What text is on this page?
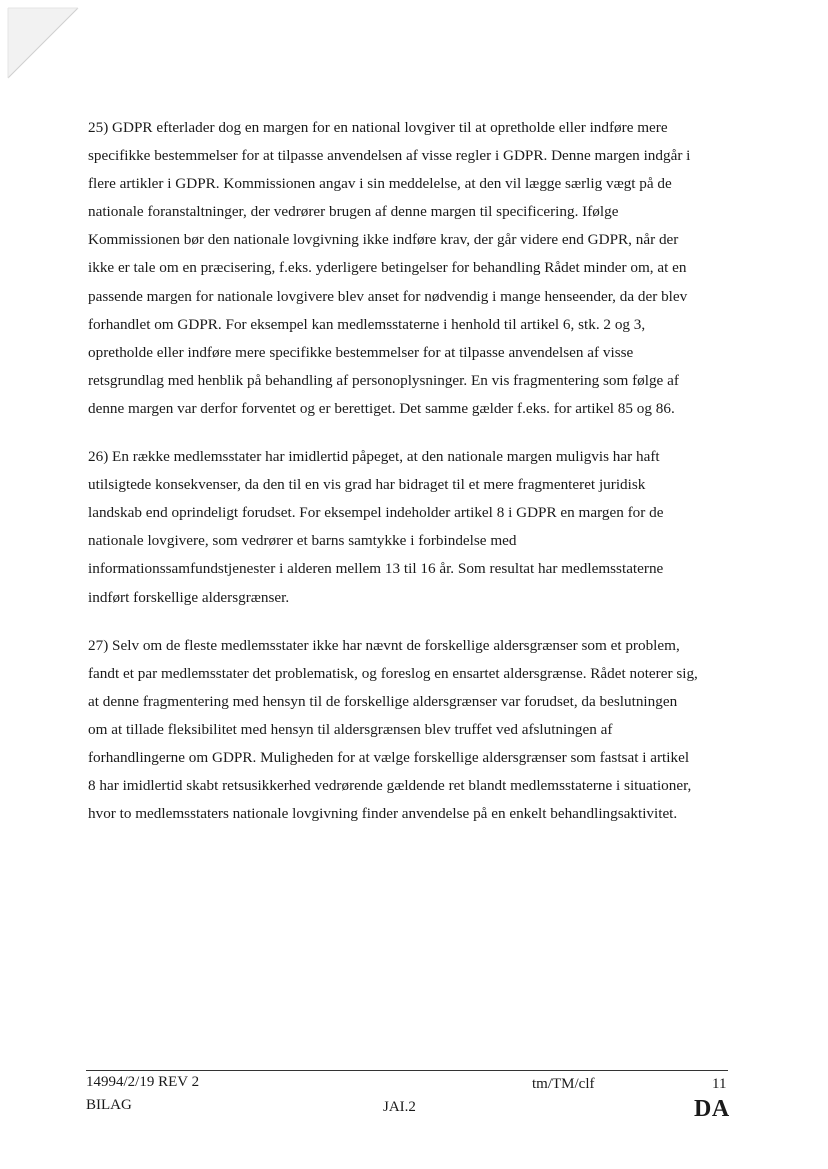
25) GDPR efterlader dog en margen for en national lovgiver til at opretholde eller indføre mere
specifikke bestemmelser for at tilpasse anvendelsen af visse regler i GDPR. Denne margen indgår i
flere artikler i GDPR. Kommissionen angav i sin meddelelse, at den vil lægge særlig vægt på de
nationale foranstaltninger, der vedrører brugen af denne margen til specificering. Ifølge
Kommissionen bør den nationale lovgivning ikke indføre krav, der går videre end GDPR, når der
ikke er tale om en præcisering, f.eks. yderligere betingelser for behandling Rådet minder om, at en
passende margen for nationale lovgivere blev anset for nødvendig i mange henseender, da der blev
forhandlet om GDPR. For eksempel kan medlemsstaterne i henhold til artikel 6, stk. 2 og 3,
opretholde eller indføre mere specifikke bestemmelser for at tilpasse anvendelsen af visse
retsgrundlag med henblik på behandling af personoplysninger. En vis fragmentering som følge af
denne margen var derfor forventet og er berettiget. Det samme gælder f.eks. for artikel 85 og 86.
26) En række medlemsstater har imidlertid påpeget, at den nationale margen muligvis har haft
utilsigtede konsekvenser, da den til en vis grad har bidraget til et mere fragmenteret juridisk
landskab end oprindeligt forudset. For eksempel indeholder artikel 8 i GDPR en margen for de
nationale lovgivere, som vedrører et barns samtykke i forbindelse med
informationssamfundstjenester i alderen mellem 13 til 16 år. Som resultat har medlemsstaterne
indført forskellige aldersgrænser.
27) Selv om de fleste medlemsstater ikke har nævnt de forskellige aldersgrænser som et problem,
fandt et par medlemsstater det problematisk, og foreslog en ensartet aldersgrænse. Rådet noterer sig,
at denne fragmentering med hensyn til de forskellige aldersgrænser var forudset, da beslutningen
om at tillade fleksibilitet med hensyn til aldersgrænsen blev truffet ved afslutningen af
forhandlingerne om GDPR. Muligheden for at vælge forskellige aldersgrænser som fastsat i artikel
8 har imidlertid skabt retsusikkerhed vedrørende gældende ret blandt medlemsstaterne i situationer,
hvor to medlemsstaters nationale lovgivning finder anvendelse på en enkelt behandlingsaktivitet.
14994/2/19 REV 2
BILAG
tm/TM/clf
JAI.2
11
DA
